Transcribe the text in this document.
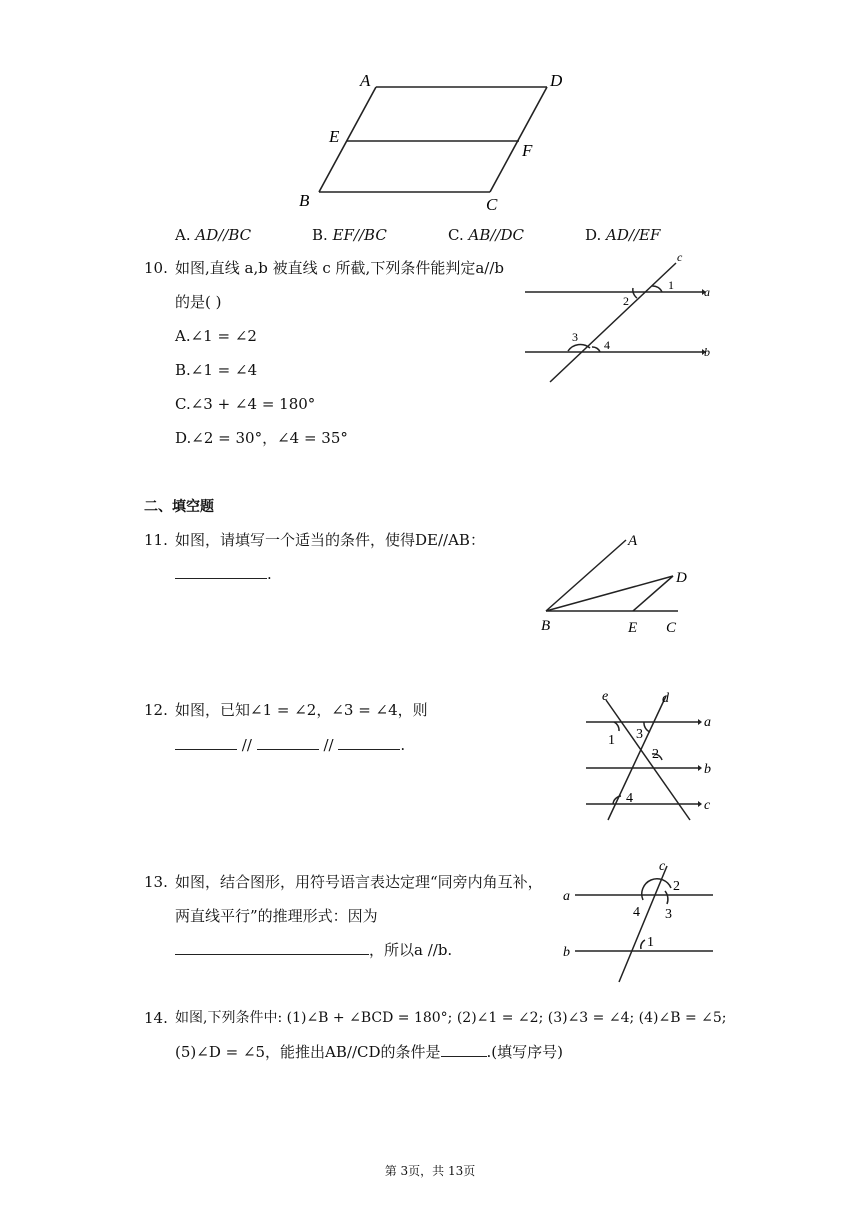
A	D
E
F
B	C
A. AD//BC	B. EF//BC	C. AB//DC	D. AD//EF
10. 如图,直线 a,b 被直线 c 所截,下列条件能判定a//b
的是( )
A.∠1 = ∠2
B.∠1 = ∠4
C.∠3 + ∠4 = 180°
D.∠2 = 30°，∠4 = 35°
c
a
b
1
2
3
4
二、填空题
11. 如图，请填写一个适当的条件，使得DE//AB：
.
A
D
B	E C
12. 如图，已知∠1 = ∠2，∠3 = ∠4，则
//	//	.
e	d
a
b
c
1
2
3
4
13. 如图，结合图形，用符号语言表达定理“同旁内角互补，
两直线平行”的推理形式：因为
，所以a //b.
c
a
b
1
2
3
4
14. 如图,下列条件中: (1)∠B + ∠BCD = 180°; (2)∠1 = ∠2; (3)∠3 = ∠4; (4)∠B = ∠5;
(5)∠D = ∠5，能推出AB//CD的条件是	.(填写序号)
第 3页，共 13页
